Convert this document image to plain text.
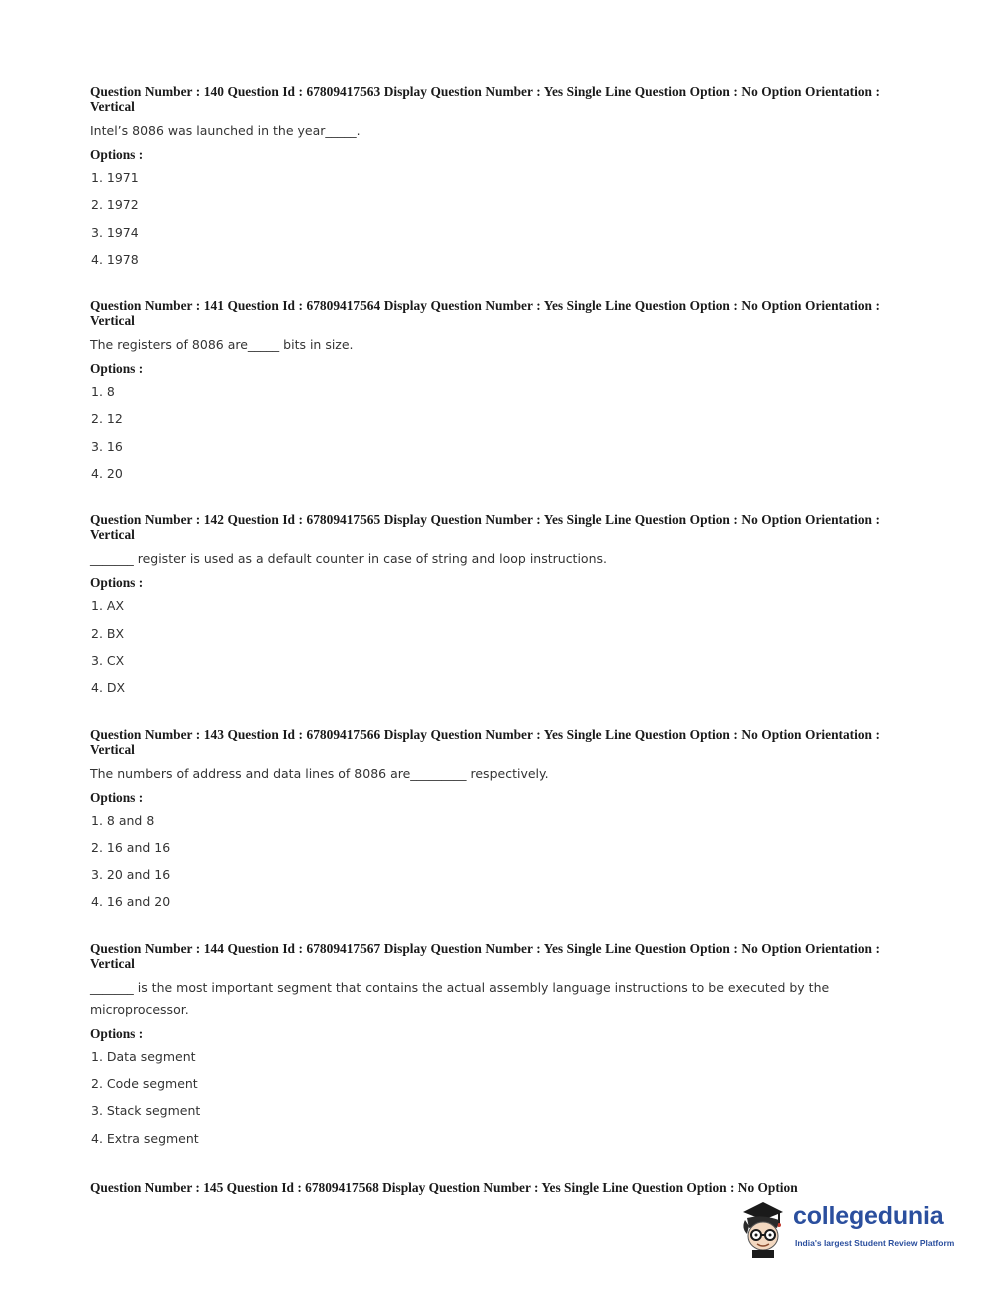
Question Number : 140 Question Id : 67809417563 Display Question Number : Yes Single Line Question Option : No Option Orientation : Vertical
Intel’s 8086 was launched in the year_____.
Options :
1. 1971
2. 1972
3. 1974
4. 1978
Question Number : 141 Question Id : 67809417564 Display Question Number : Yes Single Line Question Option : No Option Orientation : Vertical
The registers of 8086 are_____ bits in size.
Options :
1. 8
2. 12
3. 16
4. 20
Question Number : 142 Question Id : 67809417565 Display Question Number : Yes Single Line Question Option : No Option Orientation : Vertical
_______ register is used as a default counter in case of string and loop instructions.
Options :
1. AX
2. BX
3. CX
4. DX
Question Number : 143 Question Id : 67809417566 Display Question Number : Yes Single Line Question Option : No Option Orientation : Vertical
The numbers of address and data lines of 8086 are_________ respectively.
Options :
1. 8 and 8
2. 16 and 16
3. 20 and 16
4. 16 and 20
Question Number : 144 Question Id : 67809417567 Display Question Number : Yes Single Line Question Option : No Option Orientation : Vertical
_______ is the most important segment that contains the actual assembly language instructions to be executed by the microprocessor.
Options :
1. Data segment
2. Code segment
3. Stack segment
4. Extra segment
Question Number : 145 Question Id : 67809417568 Display Question Number : Yes Single Line Question Option : No Option
collegedunia
India's largest Student Review Platform
